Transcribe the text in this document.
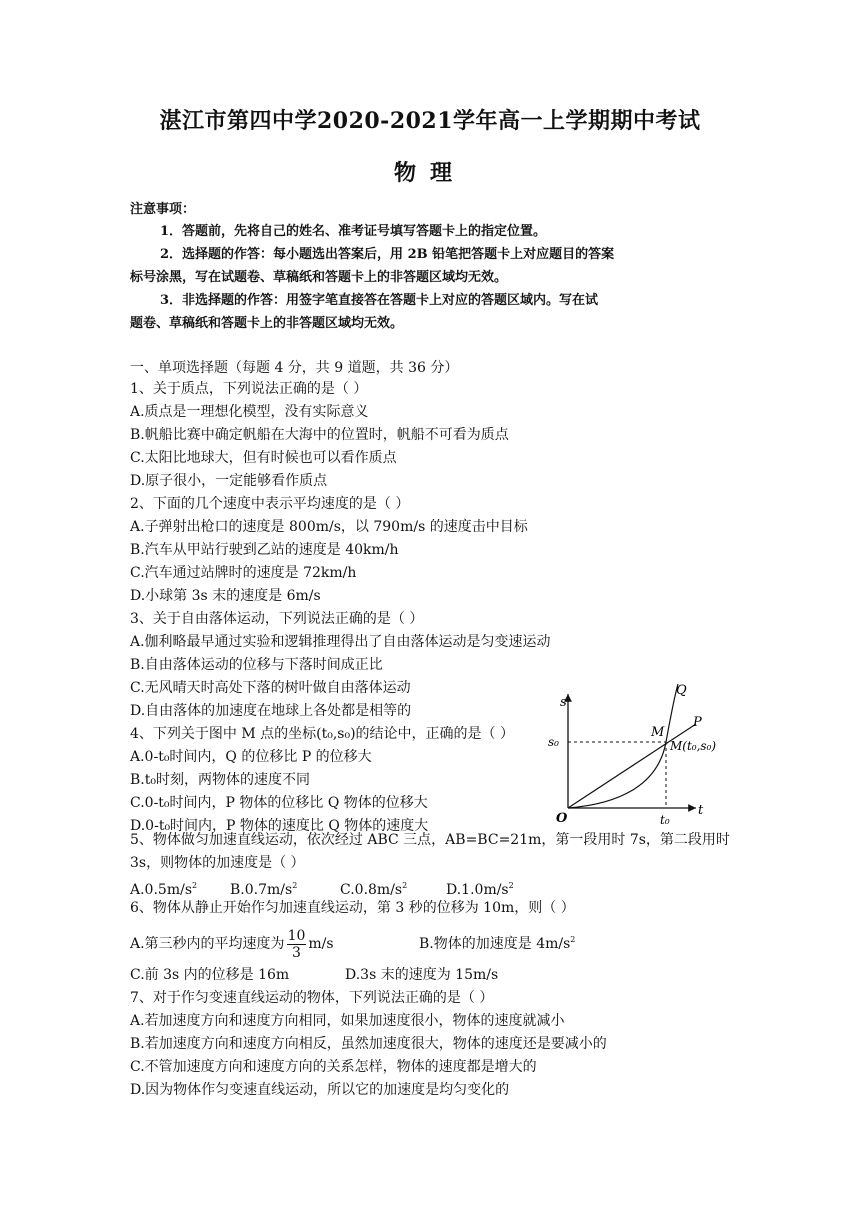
湛江市第四中学2020-2021学年高一上学期期中考试
物理
注意事项：
1．答题前，先将自己的姓名、准考证号填写答题卡上的指定位置。
2．选择题的作答：每小题选出答案后，用 2B 铅笔把答题卡上对应题目的答案
标号涂黑，写在试题卷、草稿纸和答题卡上的非答题区域均无效。
3．非选择题的作答：用签字笔直接答在答题卡上对应的答题区域内。写在试
题卷、草稿纸和答题卡上的非答题区域均无效。
一、单项选择题（每题 4 分，共 9 道题，共 36 分）
1、关于质点，下列说法正确的是（ ）
A.质点是一理想化模型，没有实际意义
B.帆船比赛中确定帆船在大海中的位置时，帆船不可看为质点
C.太阳比地球大，但有时候也可以看作质点
D.原子很小，一定能够看作质点
2、下面的几个速度中表示平均速度的是（ ）
A.子弹射出枪口的速度是 800m/s，以 790m/s 的速度击中目标
B.汽车从甲站行驶到乙站的速度是 40km/h
C.汽车通过站牌时的速度是 72km/h
D.小球第 3s 末的速度是 6m/s
3、关于自由落体运动，下列说法正确的是（ ）
A.伽利略最早通过实验和逻辑推理得出了自由落体运动是匀变速运动
B.自由落体运动的位移与下落时间成正比
C.无风晴天时高处下落的树叶做自由落体运动
D.自由落体的加速度在地球上各处都是相等的
4、下列关于图中 M 点的坐标(t₀,s₀)的结论中，正确的是（ ）
A.0-t₀时间内，Q 的位移比 P 的位移大
B.t₀时刻，两物体的速度不同
C.0-t₀时间内，P 物体的位移比 Q 物体的位移大
D.0-t₀时间内，P 物体的速度比 Q 物体的速度大
s
t
O
s₀
t₀
M
M(t₀,s₀)
Q
P
5、物体做匀加速直线运动，依次经过 ABC 三点，AB=BC=21m，第一段用时 7s，第二段用时
3s，则物体的加速度是（ ）
$A.0.5m/s^2$ $B.0.7m/s^2$	$C.0.8m/s^2$	$D.1.0m/s^2$
6、物体从静止开始作匀加速直线运动，第 3 秒的位移为 10m，则（ ）
A.第三秒内的平均速度为 $\frac{10}{3} m/s$	B.物体的加速度是 $4m/s^2$
C.前 3s 内的位移是 16m	D.3s 末的速度为 15m/s
7、对于作匀变速直线运动的物体，下列说法正确的是（ ）
A.若加速度方向和速度方向相同，如果加速度很小，物体的速度就减小
B.若加速度方向和速度方向相反，虽然加速度很大，物体的速度还是要减小的
C.不管加速度方向和速度方向的关系怎样，物体的速度都是增大的
D.因为物体作匀变速直线运动，所以它的加速度是均匀变化的
